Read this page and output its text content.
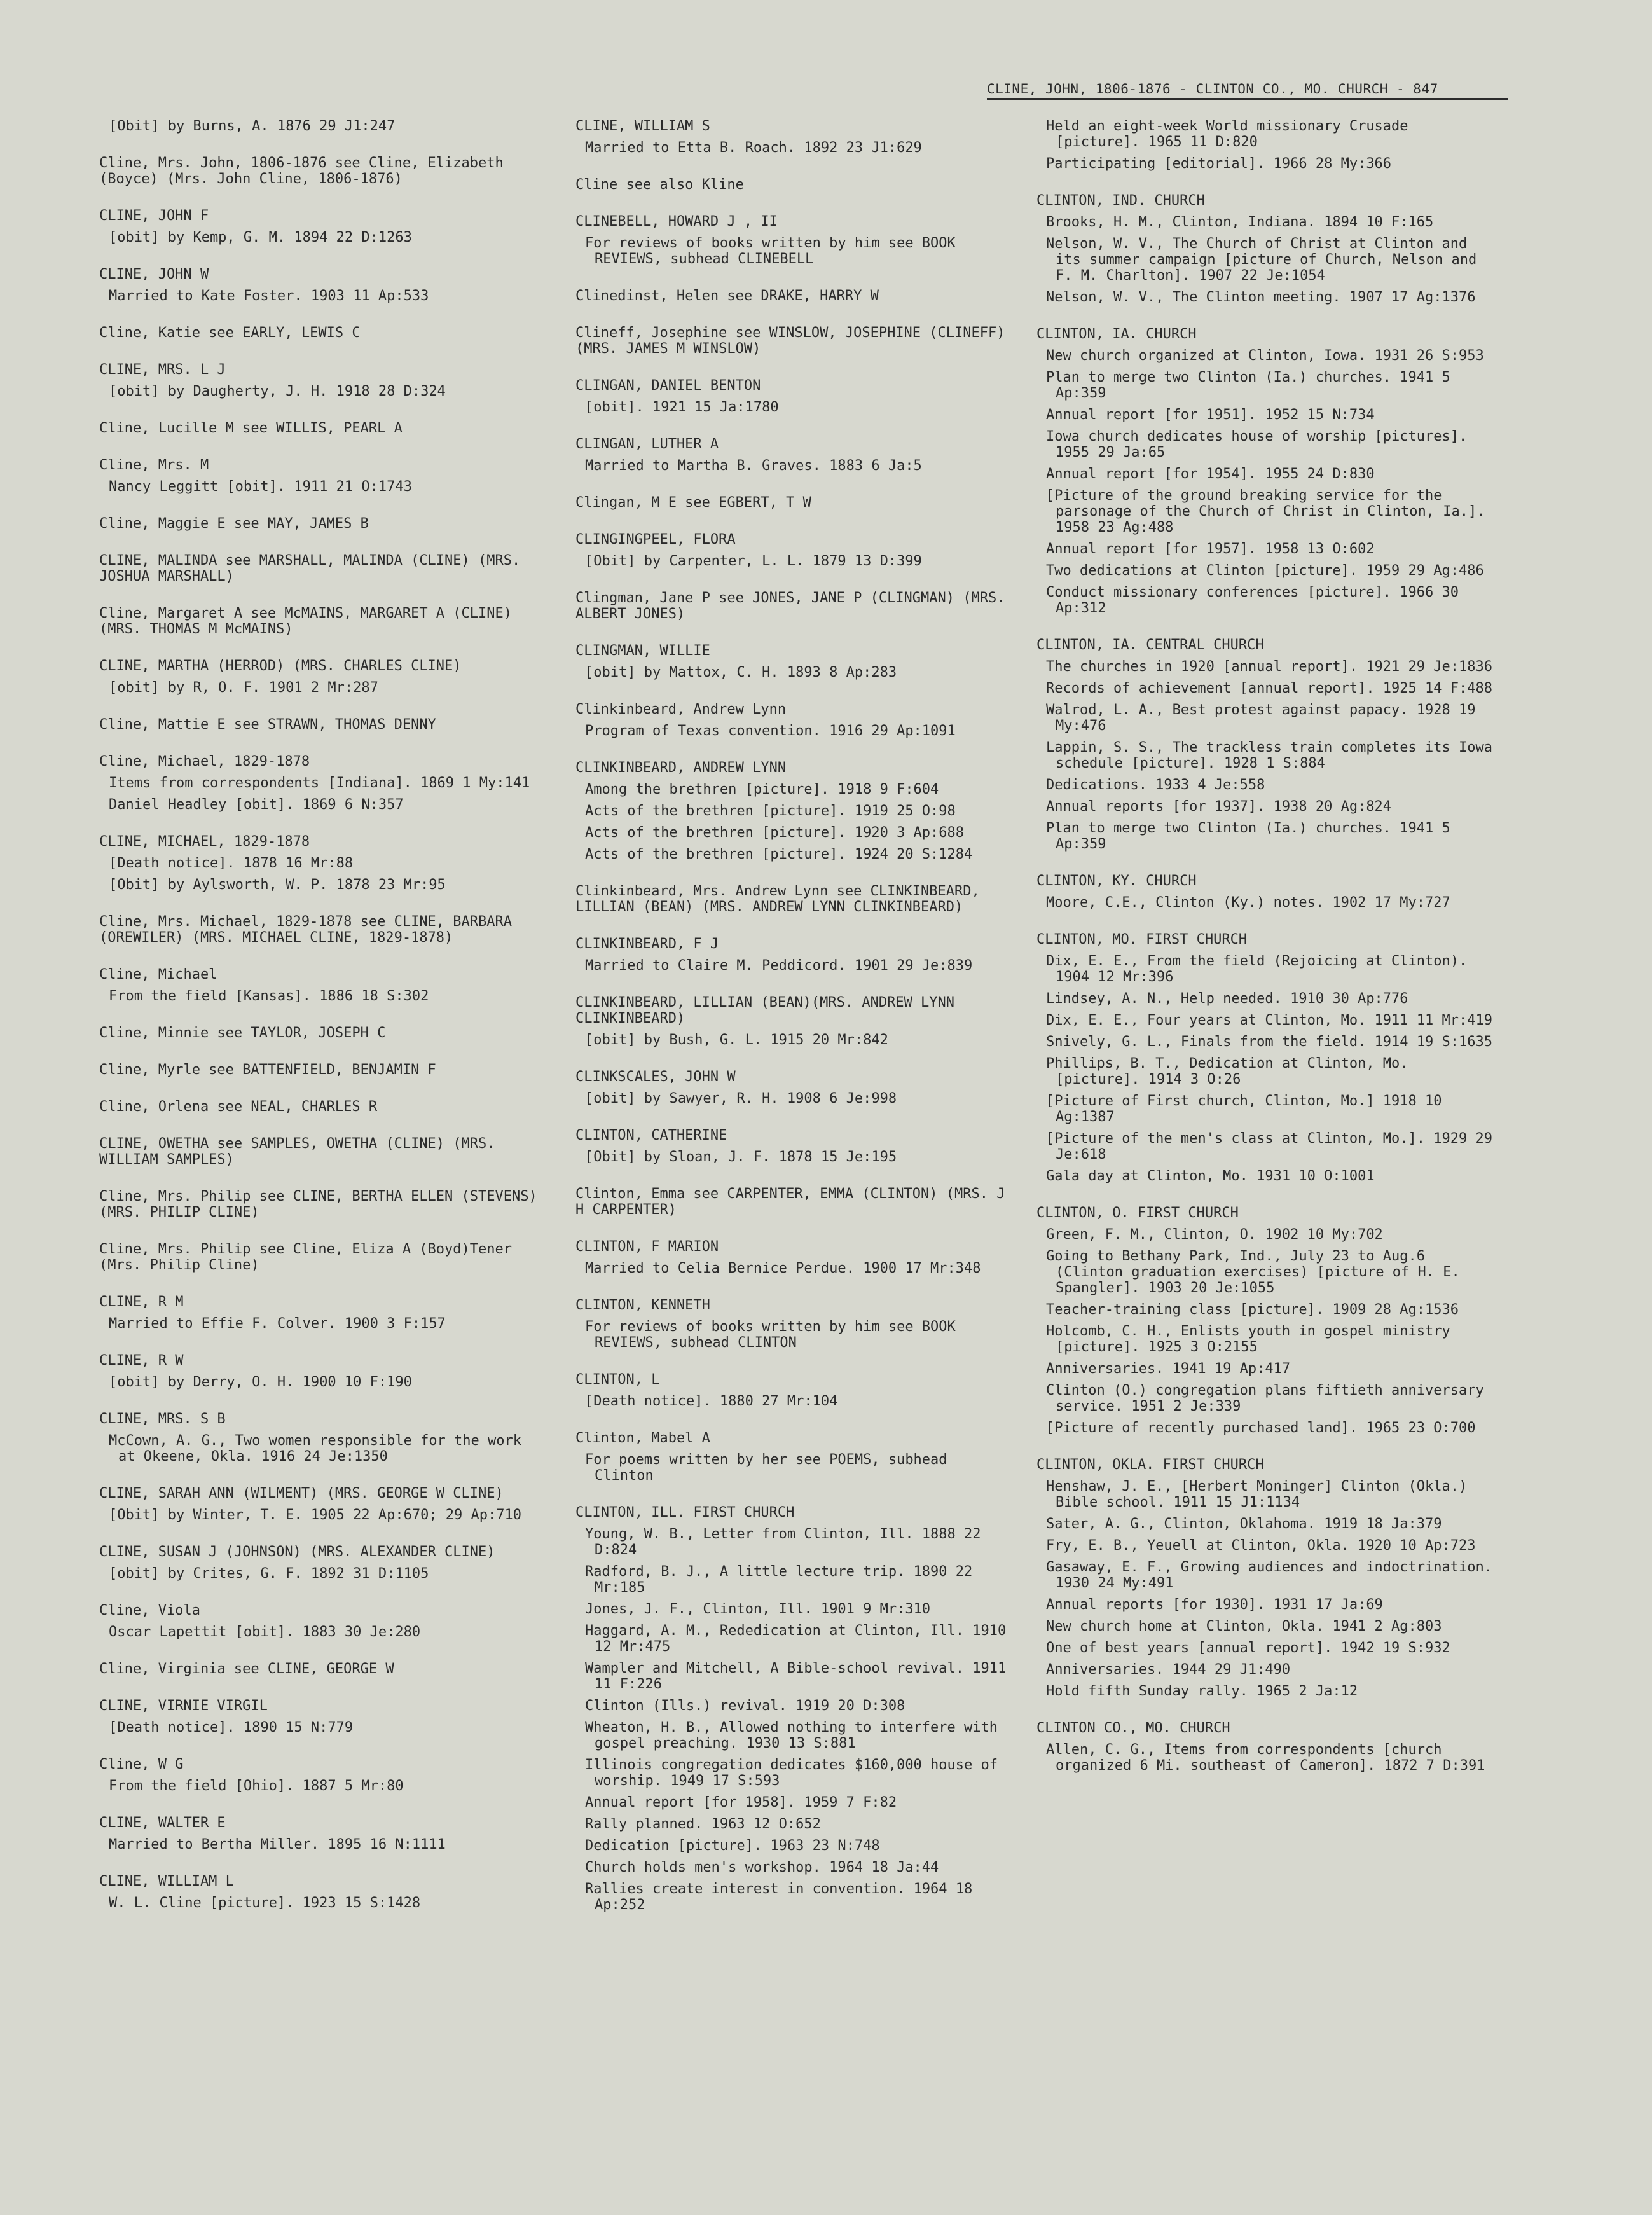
CLINE, JOHN, 1806-1876 - CLINTON CO., MO. CHURCH - 847
[Obit] by Burns, A. 1876 29 J1:247
Cline, Mrs. John, 1806-1876 see Cline, Elizabeth (Boyce) (Mrs. John Cline, 1806-1876)
CLINE, JOHN F
[obit] by Kemp, G. M. 1894 22 D:1263
CLINE, JOHN W
Married to Kate Foster. 1903 11 Ap:533
Cline, Katie see EARLY, LEWIS C
CLINE, MRS. L J
[obit] by Daugherty, J. H. 1918 28 D:324
Cline, Lucille M see WILLIS, PEARL A
Cline, Mrs. M
Nancy Leggitt [obit]. 1911 21 O:1743
Cline, Maggie E see MAY, JAMES B
CLINE, MALINDA see MARSHALL, MALINDA (CLINE) (MRS. JOSHUA MARSHALL)
Cline, Margaret A see McMAINS, MARGARET A (CLINE) (MRS. THOMAS M McMAINS)
CLINE, MARTHA (HERROD) (MRS. CHARLES CLINE)
[obit] by R, O. F. 1901 2 Mr:287
Cline, Mattie E see STRAWN, THOMAS DENNY
Cline, Michael, 1829-1878
Items from correspondents [Indiana]. 1869 1 My:141
Daniel Headley [obit]. 1869 6 N:357
CLINE, MICHAEL, 1829-1878
[Death notice]. 1878 16 Mr:88
[Obit] by Aylsworth, W. P. 1878 23 Mr:95
Cline, Mrs. Michael, 1829-1878 see CLINE, BARBARA (OREWILER) (MRS. MICHAEL CLINE, 1829-1878)
Cline, Michael
From the field [Kansas]. 1886 18 S:302
Cline, Minnie see TAYLOR, JOSEPH C
Cline, Myrle see BATTENFIELD, BENJAMIN F
Cline, Orlena see NEAL, CHARLES R
CLINE, OWETHA see SAMPLES, OWETHA (CLINE) (MRS. WILLIAM SAMPLES)
Cline, Mrs. Philip see CLINE, BERTHA ELLEN (STEVENS) (MRS. PHILIP CLINE)
Cline, Mrs. Philip see Cline, Eliza A (Boyd)Tener (Mrs. Philip Cline)
CLINE, R M
Married to Effie F. Colver. 1900 3 F:157
CLINE, R W
[obit] by Derry, O. H. 1900 10 F:190
CLINE, MRS. S B
McCown, A. G., Two women responsible for the work at Okeene, Okla. 1916 24 Je:1350
CLINE, SARAH ANN (WILMENT) (MRS. GEORGE W CLINE)
[Obit] by Winter, T. E. 1905 22 Ap:670; 29 Ap:710
CLINE, SUSAN J (JOHNSON) (MRS. ALEXANDER CLINE)
[obit] by Crites, G. F. 1892 31 D:1105
Cline, Viola
Oscar Lapettit [obit]. 1883 30 Je:280
Cline, Virginia see CLINE, GEORGE W
CLINE, VIRNIE VIRGIL
[Death notice]. 1890 15 N:779
Cline, W G
From the field [Ohio]. 1887 5 Mr:80
CLINE, WALTER E
Married to Bertha Miller. 1895 16 N:1111
CLINE, WILLIAM L
W. L. Cline [picture]. 1923 15 S:1428
CLINE, WILLIAM S
Married to Etta B. Roach. 1892 23 J1:629
Cline see also Kline
CLINEBELL, HOWARD J , II
For reviews of books written by him see BOOK REVIEWS, subhead CLINEBELL
Clinedinst, Helen see DRAKE, HARRY W
Clineff, Josephine see WINSLOW, JOSEPHINE (CLINEFF) (MRS. JAMES M WINSLOW)
CLINGAN, DANIEL BENTON
[obit]. 1921 15 Ja:1780
CLINGAN, LUTHER A
Married to Martha B. Graves. 1883 6 Ja:5
Clingan, M E see EGBERT, T W
CLINGINGPEEL, FLORA
[Obit] by Carpenter, L. L. 1879 13 D:399
Clingman, Jane P see JONES, JANE P (CLINGMAN) (MRS. ALBERT JONES)
CLINGMAN, WILLIE
[obit] by Mattox, C. H. 1893 8 Ap:283
Clinkinbeard, Andrew Lynn
Program of Texas convention. 1916 29 Ap:1091
CLINKINBEARD, ANDREW LYNN
Among the brethren [picture]. 1918 9 F:604
Acts of the brethren [picture]. 1919 25 O:98
Acts of the brethren [picture]. 1920 3 Ap:688
Acts of the brethren [picture]. 1924 20 S:1284
Clinkinbeard, Mrs. Andrew Lynn see CLINKINBEARD, LILLIAN (BEAN) (MRS. ANDREW LYNN CLINKINBEARD)
CLINKINBEARD, F J
Married to Claire M. Peddicord. 1901 29 Je:839
CLINKINBEARD, LILLIAN (BEAN)(MRS. ANDREW LYNN CLINKINBEARD)
[obit] by Bush, G. L. 1915 20 Mr:842
CLINKSCALES, JOHN W
[obit] by Sawyer, R. H. 1908 6 Je:998
CLINTON, CATHERINE
[Obit] by Sloan, J. F. 1878 15 Je:195
Clinton, Emma see CARPENTER, EMMA (CLINTON) (MRS. J H CARPENTER)
CLINTON, F MARION
Married to Celia Bernice Perdue. 1900 17 Mr:348
CLINTON, KENNETH
For reviews of books written by him see BOOK REVIEWS, subhead CLINTON
CLINTON, L
[Death notice]. 1880 27 Mr:104
Clinton, Mabel A
For poems written by her see POEMS, subhead Clinton
CLINTON, ILL. FIRST CHURCH
Young, W. B., Letter from Clinton, Ill. 1888 22 D:824
Radford, B. J., A little lecture trip. 1890 22 Mr:185
Jones, J. F., Clinton, Ill. 1901 9 Mr:310
Haggard, A. M., Rededication at Clinton, Ill. 1910 12 Mr:475
Wampler and Mitchell, A Bible-school revival. 1911 11 F:226
Clinton (Ills.) revival. 1919 20 D:308
Wheaton, H. B., Allowed nothing to interfere with gospel preaching. 1930 13 S:881
Illinois congregation dedicates $160,000 house of worship. 1949 17 S:593
Annual report [for 1958]. 1959 7 F:82
Rally planned. 1963 12 O:652
Dedication [picture]. 1963 23 N:748
Church holds men's workshop. 1964 18 Ja:44
Rallies create interest in convention. 1964 18 Ap:252
Held an eight-week World missionary Crusade [picture]. 1965 11 D:820
Participating [editorial]. 1966 28 My:366
CLINTON, IND. CHURCH
Brooks, H. M., Clinton, Indiana. 1894 10 F:165
Nelson, W. V., The Church of Christ at Clinton and its summer campaign [picture of Church, Nelson and F. M. Charlton]. 1907 22 Je:1054
Nelson, W. V., The Clinton meeting. 1907 17 Ag:1376
CLINTON, IA. CHURCH
New church organized at Clinton, Iowa. 1931 26 S:953
Plan to merge two Clinton (Ia.) churches. 1941 5 Ap:359
Annual report [for 1951]. 1952 15 N:734
Iowa church dedicates house of worship [pictures]. 1955 29 Ja:65
Annual report [for 1954]. 1955 24 D:830
[Picture of the ground breaking service for the parsonage of the Church of Christ in Clinton, Ia.]. 1958 23 Ag:488
Annual report [for 1957]. 1958 13 O:602
Two dedications at Clinton [picture]. 1959 29 Ag:486
Conduct missionary conferences [picture]. 1966 30 Ap:312
CLINTON, IA. CENTRAL CHURCH
The churches in 1920 [annual report]. 1921 29 Je:1836
Records of achievement [annual report]. 1925 14 F:488
Walrod, L. A., Best protest against papacy. 1928 19 My:476
Lappin, S. S., The trackless train completes its Iowa schedule [picture]. 1928 1 S:884
Dedications. 1933 4 Je:558
Annual reports [for 1937]. 1938 20 Ag:824
Plan to merge two Clinton (Ia.) churches. 1941 5 Ap:359
CLINTON, KY. CHURCH
Moore, C.E., Clinton (Ky.) notes. 1902 17 My:727
CLINTON, MO. FIRST CHURCH
Dix, E. E., From the field (Rejoicing at Clinton). 1904 12 Mr:396
Lindsey, A. N., Help needed. 1910 30 Ap:776
Dix, E. E., Four years at Clinton, Mo. 1911 11 Mr:419
Snively, G. L., Finals from the field. 1914 19 S:1635
Phillips, B. T., Dedication at Clinton, Mo. [picture]. 1914 3 O:26
[Picture of First church, Clinton, Mo.] 1918 10 Ag:1387
[Picture of the men's class at Clinton, Mo.]. 1929 29 Je:618
Gala day at Clinton, Mo. 1931 10 O:1001
CLINTON, O. FIRST CHURCH
Green, F. M., Clinton, O. 1902 10 My:702
Going to Bethany Park, Ind., July 23 to Aug.6 (Clinton graduation exercises) [picture of H. E. Spangler]. 1903 20 Je:1055
Teacher-training class [picture]. 1909 28 Ag:1536
Holcomb, C. H., Enlists youth in gospel ministry [picture]. 1925 3 O:2155
Anniversaries. 1941 19 Ap:417
Clinton (O.) congregation plans fiftieth anniversary service. 1951 2 Je:339
[Picture of recently purchased land]. 1965 23 O:700
CLINTON, OKLA. FIRST CHURCH
Henshaw, J. E., [Herbert Moninger] Clinton (Okla.) Bible school. 1911 15 J1:1134
Sater, A. G., Clinton, Oklahoma. 1919 18 Ja:379
Fry, E. B., Yeuell at Clinton, Okla. 1920 10 Ap:723
Gasaway, E. F., Growing audiences and indoctrination. 1930 24 My:491
Annual reports [for 1930]. 1931 17 Ja:69
New church home at Clinton, Okla. 1941 2 Ag:803
One of best years [annual report]. 1942 19 S:932
Anniversaries. 1944 29 J1:490
Hold fifth Sunday rally. 1965 2 Ja:12
CLINTON CO., MO. CHURCH
Allen, C. G., Items from correspondents [church organized 6 Mi. southeast of Cameron]. 1872 7 D:391
